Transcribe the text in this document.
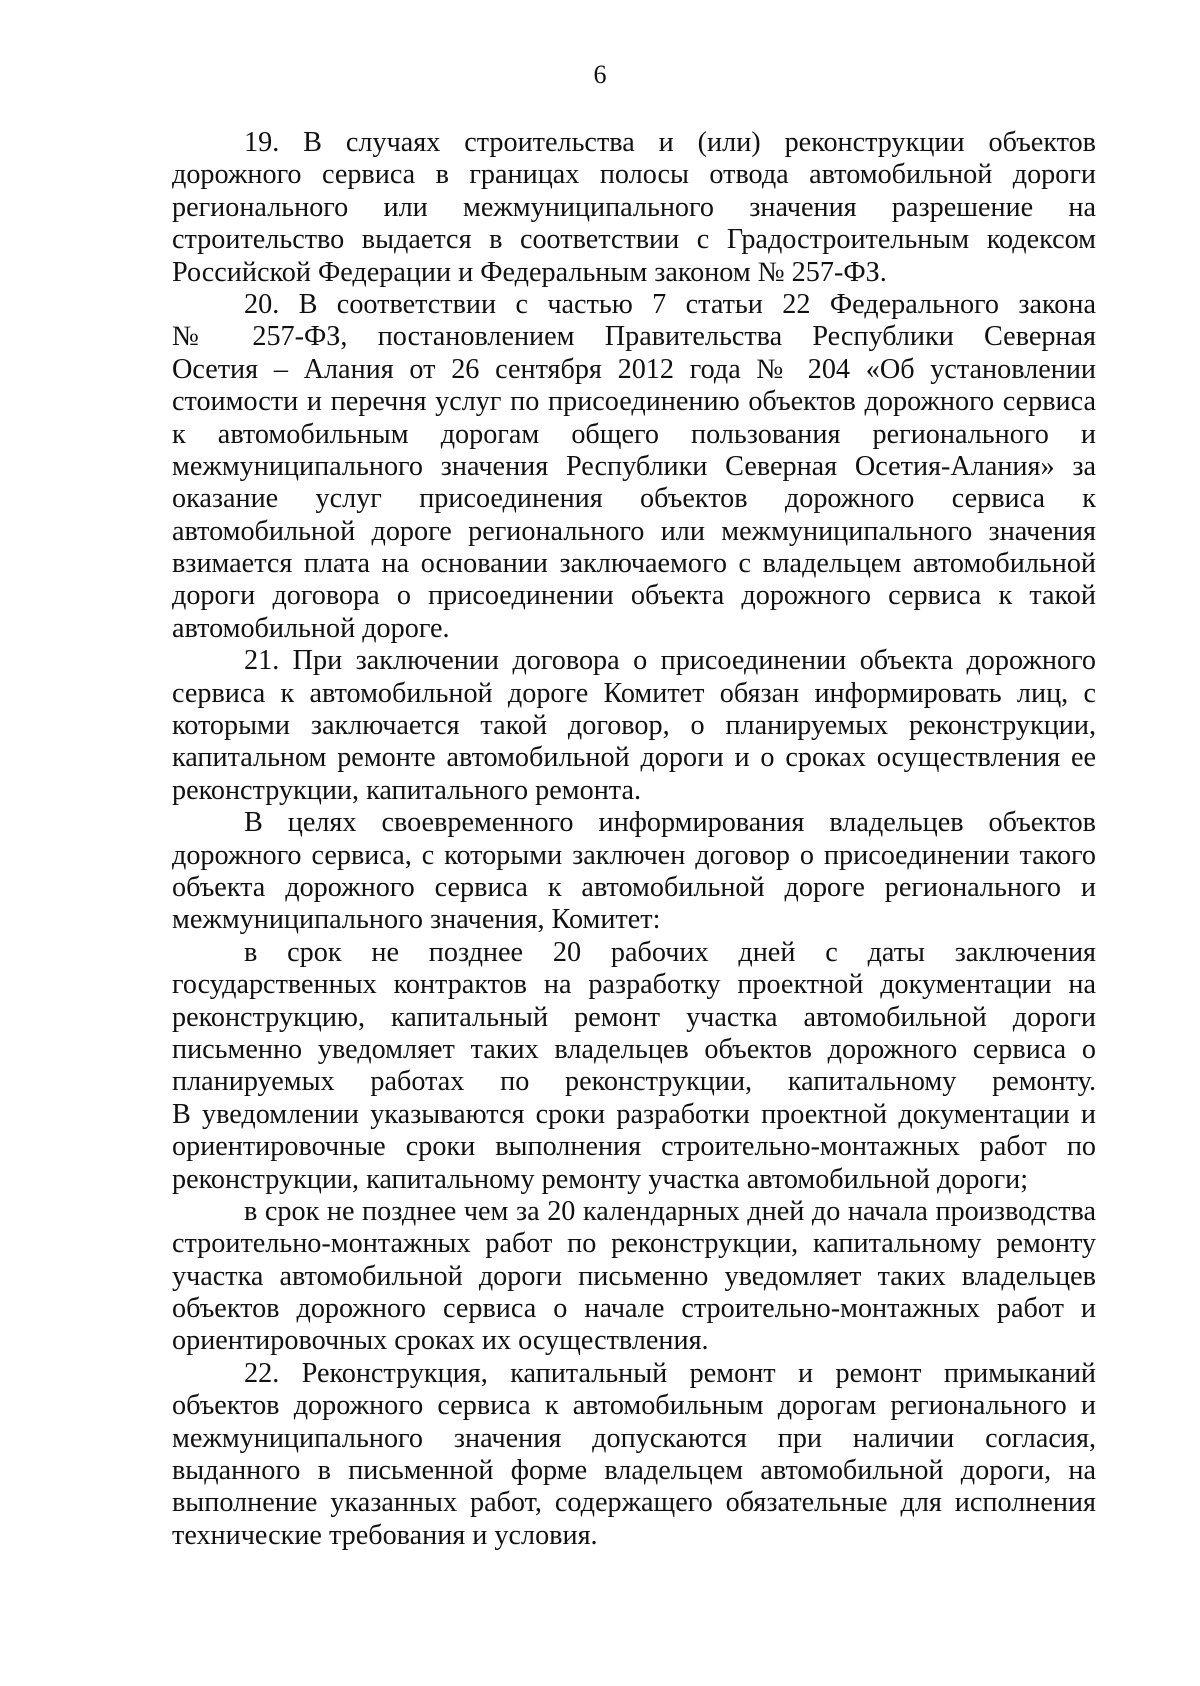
6
19. В случаях строительства и (или) реконструкции объектов
дорожного сервиса в границах полосы отвода автомобильной дороги
регионального или межмуниципального значения разрешение на
строительство выдается в соответствии с Градостроительным кодексом
Российской Федерации и Федеральным законом № 257-ФЗ.
20. В соответствии с частью 7 статьи 22 Федерального закона
№ 257-ФЗ, постановлением Правительства Республики Северная
Осетия – Алания от 26 сентября 2012 года № 204 «Об установлении
стоимости и перечня услуг по присоединению объектов дорожного сервиса
к автомобильным дорогам общего пользования регионального и
межмуниципального значения Республики Северная Осетия-Алания» за
оказание услуг присоединения объектов дорожного сервиса к
автомобильной дороге регионального или межмуниципального значения
взимается плата на основании заключаемого с владельцем автомобильной
дороги договора о присоединении объекта дорожного сервиса к такой
автомобильной дороге.
21. При заключении договора о присоединении объекта дорожного
сервиса к автомобильной дороге Комитет обязан информировать лиц, с
которыми заключается такой договор, о планируемых реконструкции,
капитальном ремонте автомобильной дороги и о сроках осуществления ее
реконструкции, капитального ремонта.
В целях своевременного информирования владельцев объектов
дорожного сервиса, с которыми заключен договор о присоединении такого
объекта дорожного сервиса к автомобильной дороге регионального и
межмуниципального значения, Комитет:
в срок не позднее 20 рабочих дней с даты заключения
государственных контрактов на разработку проектной документации на
реконструкцию, капитальный ремонт участка автомобильной дороги
письменно уведомляет таких владельцев объектов дорожного сервиса о
планируемых работах по реконструкции, капитальному ремонту.
В уведомлении указываются сроки разработки проектной документации и
ориентировочные сроки выполнения строительно-монтажных работ по
реконструкции, капитальному ремонту участка автомобильной дороги;
в срок не позднее чем за 20 календарных дней до начала производства
строительно-монтажных работ по реконструкции, капитальному ремонту
участка автомобильной дороги письменно уведомляет таких владельцев
объектов дорожного сервиса о начале строительно-монтажных работ и
ориентировочных сроках их осуществления.
22. Реконструкция, капитальный ремонт и ремонт примыканий
объектов дорожного сервиса к автомобильным дорогам регионального и
межмуниципального значения допускаются при наличии согласия,
выданного в письменной форме владельцем автомобильной дороги, на
выполнение указанных работ, содержащего обязательные для исполнения
технические требования и условия.
